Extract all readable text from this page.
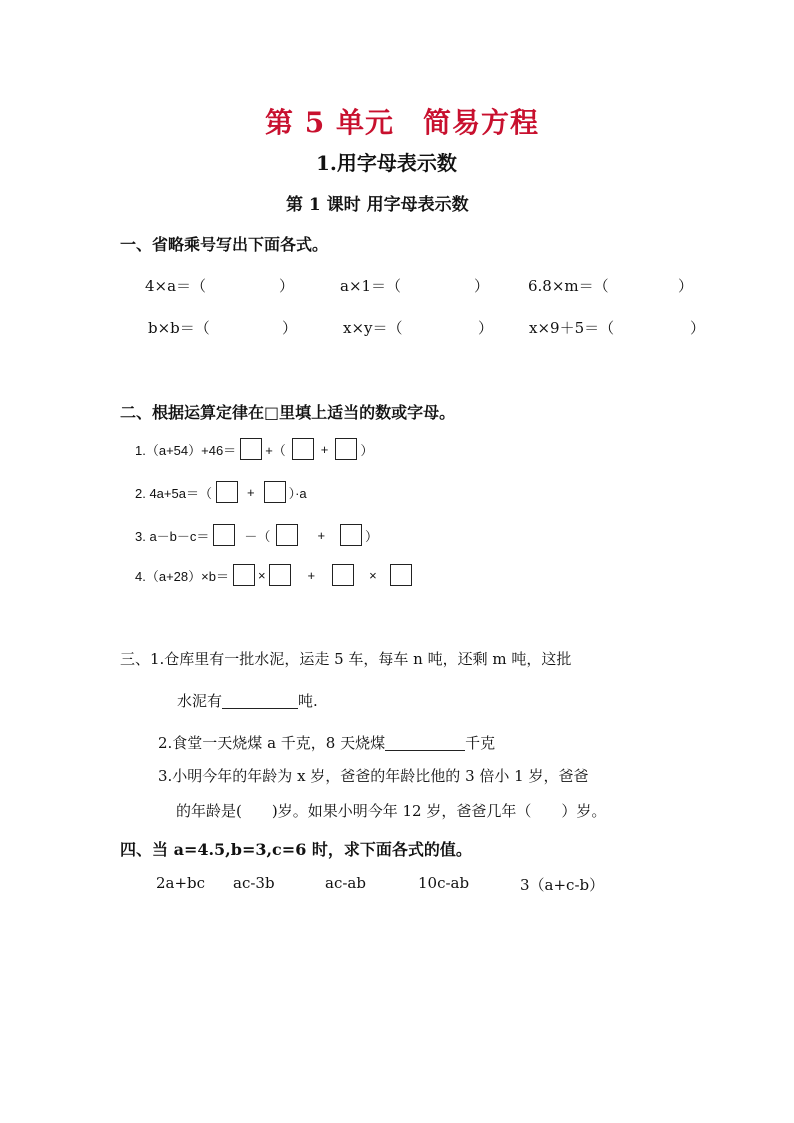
第 5 单元　简易方程
1.用字母表示数
第 1 课时 用字母表示数
一、省略乘号写出下面各式。
4×a＝（	）	a×1＝（	）	6.8×m＝（	）
b×b＝（	）	x×y＝（	） x×9＋5＝（	）
二、根据运算定律在□里填上适当的数或字母。
1.（a+54）+46＝ +（	+ ）
2. 4a+5a＝（	+	）·a
3. a－b－c＝	－（	+	）
4.（a+28）×b＝ ×	+	×
三、1.仓库里有一批水泥，运走 5 车，每车 n 吨，还剩 m 吨，这批
水泥有	吨.
2.食堂一天烧煤 a 千克，8 天烧煤	千克
3.小明今年的年龄为 x 岁，爸爸的年龄比他的 3 倍小 1 岁，爸爸
的年龄是(　　)岁。如果小明今年 12 岁，爸爸几年（　　）岁。
四、当 a=4.5,b=3,c=6 时，求下面各式的值。
2a+bc ac-3b	ac-ab	10c-ab	3（a+c-b）
